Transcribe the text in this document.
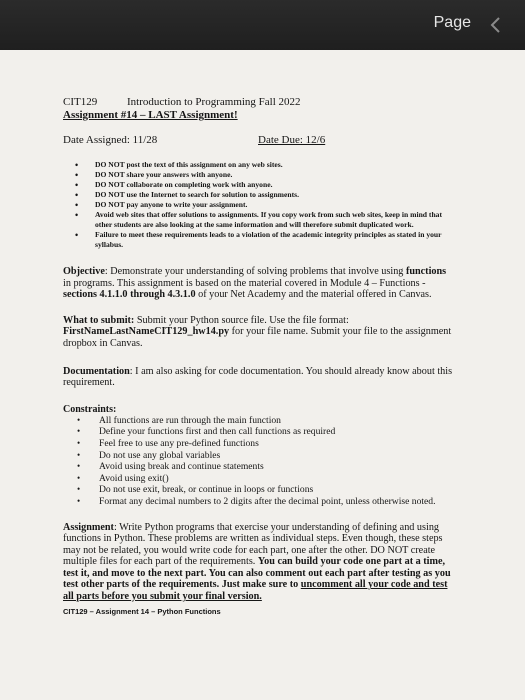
Page
CIT129	Introduction to Programming Fall 2022
Assignment #14 – LAST Assignment!
Date Assigned: 11/28	Date Due: 12/6
• DO NOT post the text of this assignment on any web sites.
• DO NOT share your answers with anyone.
• DO NOT collaborate on completing work with anyone.
• DO NOT use the Internet to search for solution to assignments.
• DO NOT pay anyone to write your assignment.
• Avoid web sites that offer solutions to assignments. If you copy work from such web sites, keep in mind that other students are also looking at the same information and will therefore submit duplicated work.
• Failure to meet these requirements leads to a violation of the academic integrity principles as stated in your syllabus.
Objective: Demonstrate your understanding of solving problems that involve using functions in programs. This assignment is based on the material covered in Module 4 – Functions - sections 4.1.1.0 through 4.3.1.0 of your Net Academy and the material offered in Canvas.
What to submit: Submit your Python source file. Use the file format: FirstNameLastNameCIT129_hw14.py for your file name. Submit your file to the assignment dropbox in Canvas.
Documentation: I am also asking for code documentation. You should already know about this requirement.
Constraints:
• All functions are run through the main function
• Define your functions first and then call functions as required
• Feel free to use any pre-defined functions
• Do not use any global variables
• Avoid using break and continue statements
• Avoid using exit()
• Do not use exit, break, or continue in loops or functions
• Format any decimal numbers to 2 digits after the decimal point, unless otherwise noted.
Assignment: Write Python programs that exercise your understanding of defining and using functions in Python. These problems are written as individual steps. Even though, these steps may not be related, you would write code for each part, one after the other. DO NOT create multiple files for each part of the requirements. You can build your code one part at a time, test it, and move to the next part. You can also comment out each part after testing as you test other parts of the requirements. Just make sure to uncomment all your code and test all parts before you submit your final version.
CIT129 – Assignment 14 – Python Functions
